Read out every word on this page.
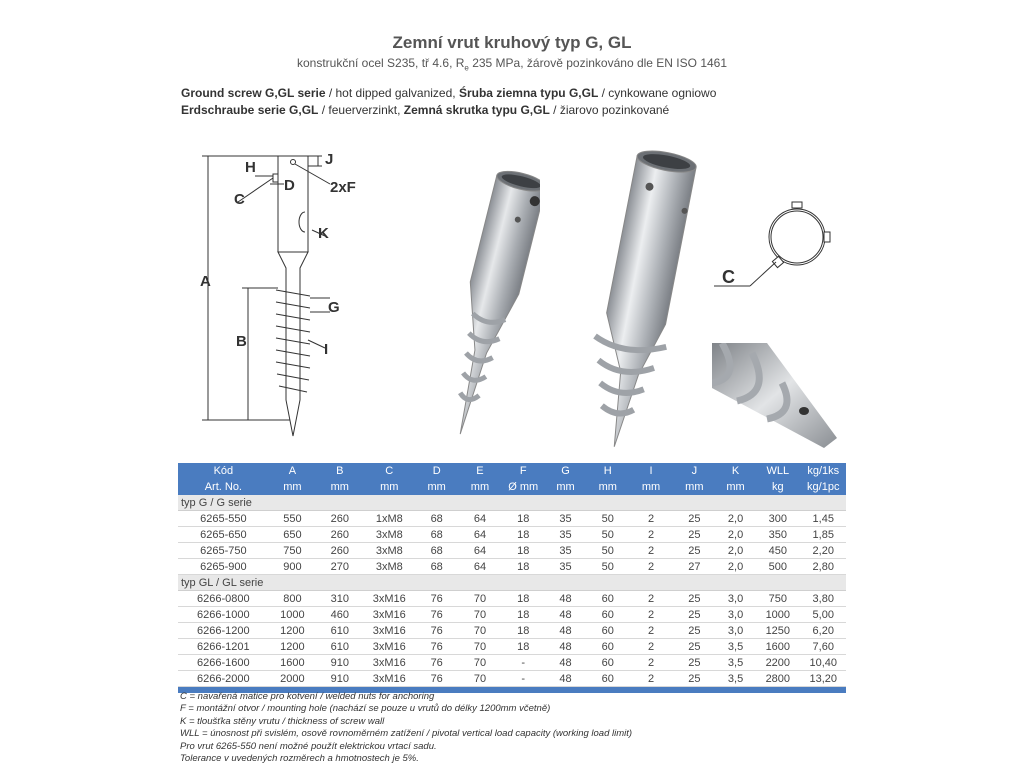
Zemní vrut kruhový typ G, GL
konstrukční ocel S235, tř 4.6, $R_e$ 235 MPa, žárově pozinkováno dle EN ISO 1461
Ground screw G,GL serie / hot dipped galvanized, Śruba ziemna typu G,GL / cynkowane ogniowo
Erdschraube serie G,GL / feuerverzinkt, Zemná skrutka typu G,GL / žiarovo pozinkované
H	J
C
D 2xF
K
A
G
B	I
C
Kód	A	B	C	D	E	F	G	H	I	J	K	WLL	kg/1ks
Art. No.	mm	mm	mm	mm	mm	Ø mm	mm	mm	mm	mm	mm	kg	kg/1pc
typ G / G serie													
6265-550	550	260	1xM8	68	64	18	35	50	2	25	2,0	300	1,45
6265-650	650	260	3xM8	68	64	18	35	50	2	25	2,0	350	1,85
6265-750	750	260	3xM8	68	64	18	35	50	2	25	2,0	450	2,20
6265-900	900	270	3xM8	68	64	18	35	50	2	27	2,0	500	2,80
typ GL / GL serie													
6266-0800	800	310	3xM16	76	70	18	48	60	2	25	3,0	750	3,80
6266-1000	1000	460	3xM16	76	70	18	48	60	2	25	3,0	1000	5,00
6266-1200	1200	610	3xM16	76	70	18	48	60	2	25	3,0	1250	6,20
6266-1201	1200	610	3xM16	76	70	18	48	60	2	25	3,5	1600	7,60
6266-1600	1600	910	3xM16	76	70	-	48	60	2	25	3,5	2200	10,40
6266-2000	2000	910	3xM16	76	70	-	48	60	2	25	3,5	2800	13,20

C = navařená matice pro kotvení / welded nuts for anchoring
F = montážní otvor / mounting hole (nachází se pouze u vrutů do délky 1200mm včetně)
K = tloušťka stěny vrutu / thickness of screw wall
WLL = únosnost při svislém, osově rovnoměrném zatížení / pivotal vertical load capacity (working load limit)
Pro vrut 6265-550 není možné použít elektrickou vrtací sadu.
Tolerance v uvedených rozměrech a hmotnostech je 5%.
